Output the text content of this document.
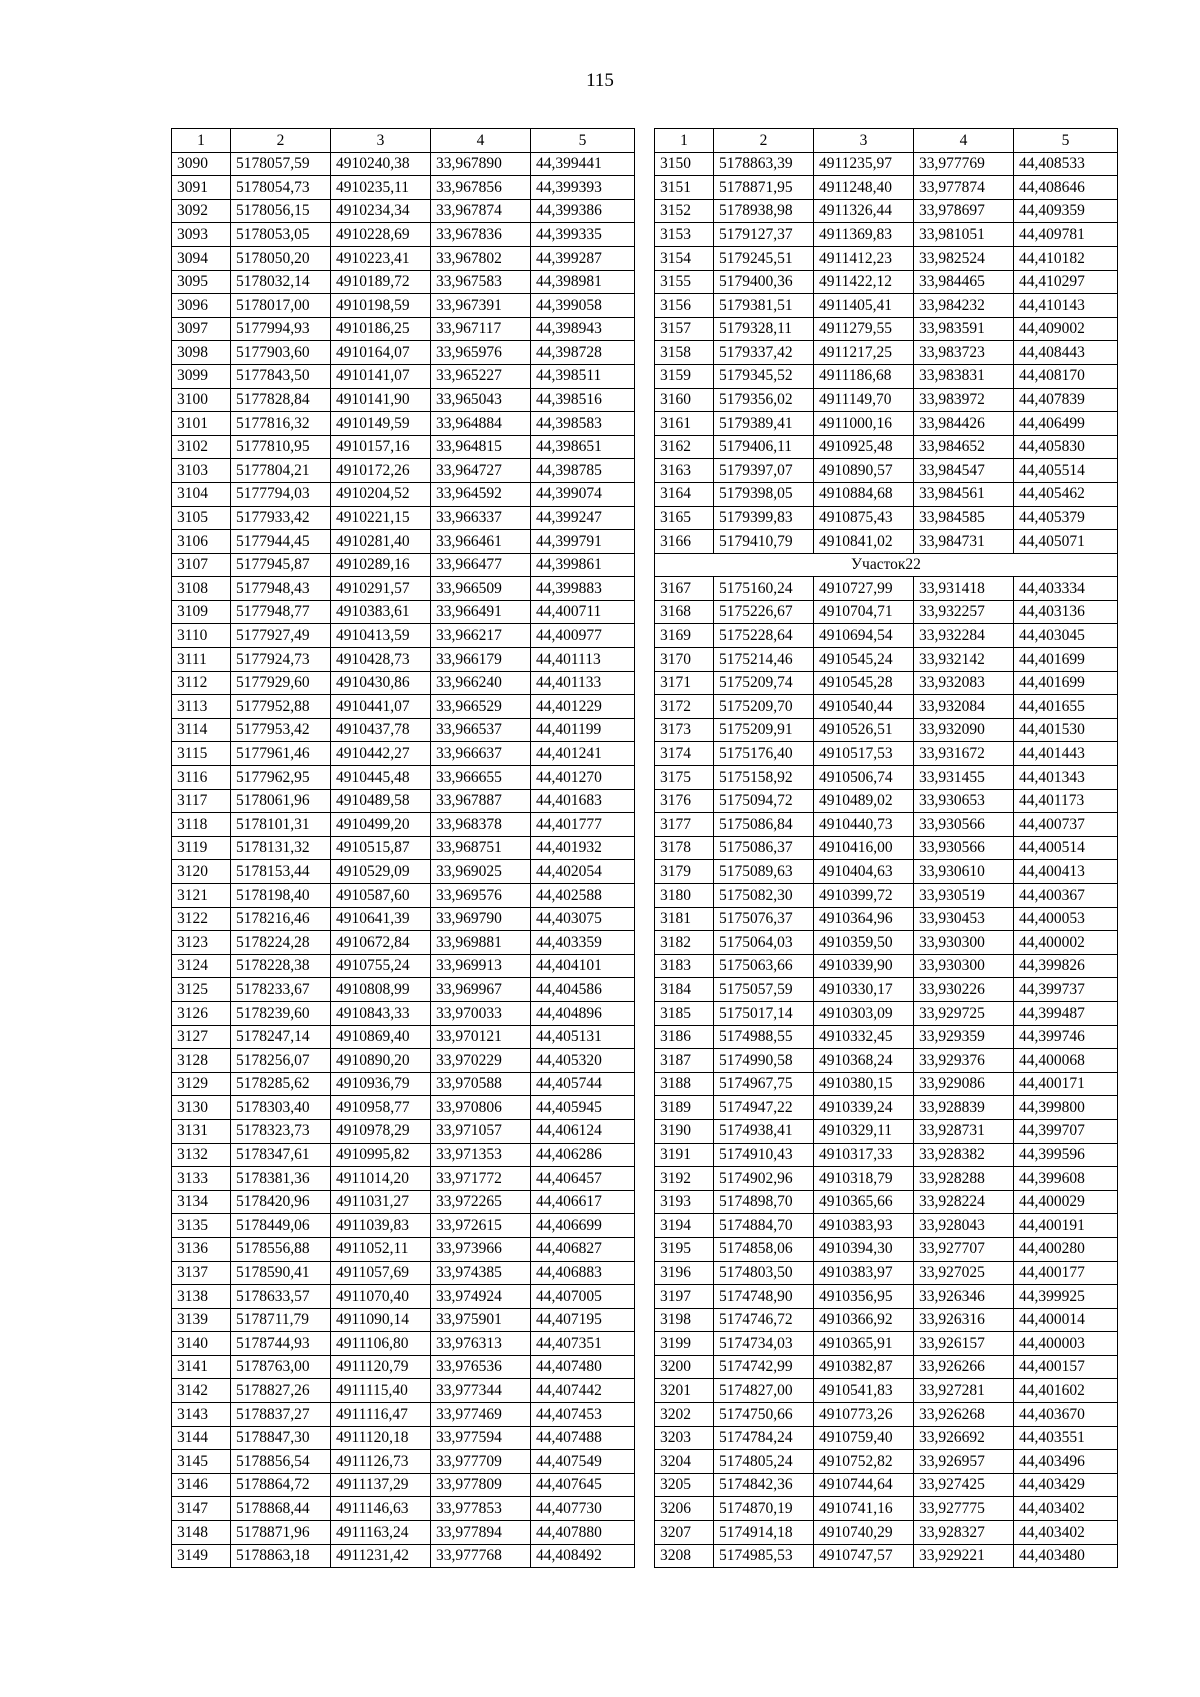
115
1	2	3	4	5
3090	5178057,59	4910240,38	33,967890	44,399441
3091	5178054,73	4910235,11	33,967856	44,399393
3092	5178056,15	4910234,34	33,967874	44,399386
3093	5178053,05	4910228,69	33,967836	44,399335
3094	5178050,20	4910223,41	33,967802	44,399287
3095	5178032,14	4910189,72	33,967583	44,398981
3096	5178017,00	4910198,59	33,967391	44,399058
3097	5177994,93	4910186,25	33,967117	44,398943
3098	5177903,60	4910164,07	33,965976	44,398728
3099	5177843,50	4910141,07	33,965227	44,398511
3100	5177828,84	4910141,90	33,965043	44,398516
3101	5177816,32	4910149,59	33,964884	44,398583
3102	5177810,95	4910157,16	33,964815	44,398651
3103	5177804,21	4910172,26	33,964727	44,398785
3104	5177794,03	4910204,52	33,964592	44,399074
3105	5177933,42	4910221,15	33,966337	44,399247
3106	5177944,45	4910281,40	33,966461	44,399791
3107	5177945,87	4910289,16	33,966477	44,399861
3108	5177948,43	4910291,57	33,966509	44,399883
3109	5177948,77	4910383,61	33,966491	44,400711
3110	5177927,49	4910413,59	33,966217	44,400977
3111	5177924,73	4910428,73	33,966179	44,401113
3112	5177929,60	4910430,86	33,966240	44,401133
3113	5177952,88	4910441,07	33,966529	44,401229
3114	5177953,42	4910437,78	33,966537	44,401199
3115	5177961,46	4910442,27	33,966637	44,401241
3116	5177962,95	4910445,48	33,966655	44,401270
3117	5178061,96	4910489,58	33,967887	44,401683
3118	5178101,31	4910499,20	33,968378	44,401777
3119	5178131,32	4910515,87	33,968751	44,401932
3120	5178153,44	4910529,09	33,969025	44,402054
3121	5178198,40	4910587,60	33,969576	44,402588
3122	5178216,46	4910641,39	33,969790	44,403075
3123	5178224,28	4910672,84	33,969881	44,403359
3124	5178228,38	4910755,24	33,969913	44,404101
3125	5178233,67	4910808,99	33,969967	44,404586
3126	5178239,60	4910843,33	33,970033	44,404896
3127	5178247,14	4910869,40	33,970121	44,405131
3128	5178256,07	4910890,20	33,970229	44,405320
3129	5178285,62	4910936,79	33,970588	44,405744
3130	5178303,40	4910958,77	33,970806	44,405945
3131	5178323,73	4910978,29	33,971057	44,406124
3132	5178347,61	4910995,82	33,971353	44,406286
3133	5178381,36	4911014,20	33,971772	44,406457
3134	5178420,96	4911031,27	33,972265	44,406617
3135	5178449,06	4911039,83	33,972615	44,406699
3136	5178556,88	4911052,11	33,973966	44,406827
3137	5178590,41	4911057,69	33,974385	44,406883
3138	5178633,57	4911070,40	33,974924	44,407005
3139	5178711,79	4911090,14	33,975901	44,407195
3140	5178744,93	4911106,80	33,976313	44,407351
3141	5178763,00	4911120,79	33,976536	44,407480
3142	5178827,26	4911115,40	33,977344	44,407442
3143	5178837,27	4911116,47	33,977469	44,407453
3144	5178847,30	4911120,18	33,977594	44,407488
3145	5178856,54	4911126,73	33,977709	44,407549
3146	5178864,72	4911137,29	33,977809	44,407645
3147	5178868,44	4911146,63	33,977853	44,407730
3148	5178871,96	4911163,24	33,977894	44,407880
3149	5178863,18	4911231,42	33,977768	44,408492
1	2	3	4	5
3150	5178863,39	4911235,97	33,977769	44,408533
3151	5178871,95	4911248,40	33,977874	44,408646
3152	5178938,98	4911326,44	33,978697	44,409359
3153	5179127,37	4911369,83	33,981051	44,409781
3154	5179245,51	4911412,23	33,982524	44,410182
3155	5179400,36	4911422,12	33,984465	44,410297
3156	5179381,51	4911405,41	33,984232	44,410143
3157	5179328,11	4911279,55	33,983591	44,409002
3158	5179337,42	4911217,25	33,983723	44,408443
3159	5179345,52	4911186,68	33,983831	44,408170
3160	5179356,02	4911149,70	33,983972	44,407839
3161	5179389,41	4911000,16	33,984426	44,406499
3162	5179406,11	4910925,48	33,984652	44,405830
3163	5179397,07	4910890,57	33,984547	44,405514
3164	5179398,05	4910884,68	33,984561	44,405462
3165	5179399,83	4910875,43	33,984585	44,405379
3166	5179410,79	4910841,02	33,984731	44,405071
Участок22				
3167	5175160,24	4910727,99	33,931418	44,403334
3168	5175226,67	4910704,71	33,932257	44,403136
3169	5175228,64	4910694,54	33,932284	44,403045
3170	5175214,46	4910545,24	33,932142	44,401699
3171	5175209,74	4910545,28	33,932083	44,401699
3172	5175209,70	4910540,44	33,932084	44,401655
3173	5175209,91	4910526,51	33,932090	44,401530
3174	5175176,40	4910517,53	33,931672	44,401443
3175	5175158,92	4910506,74	33,931455	44,401343
3176	5175094,72	4910489,02	33,930653	44,401173
3177	5175086,84	4910440,73	33,930566	44,400737
3178	5175086,37	4910416,00	33,930566	44,400514
3179	5175089,63	4910404,63	33,930610	44,400413
3180	5175082,30	4910399,72	33,930519	44,400367
3181	5175076,37	4910364,96	33,930453	44,400053
3182	5175064,03	4910359,50	33,930300	44,400002
3183	5175063,66	4910339,90	33,930300	44,399826
3184	5175057,59	4910330,17	33,930226	44,399737
3185	5175017,14	4910303,09	33,929725	44,399487
3186	5174988,55	4910332,45	33,929359	44,399746
3187	5174990,58	4910368,24	33,929376	44,400068
3188	5174967,75	4910380,15	33,929086	44,400171
3189	5174947,22	4910339,24	33,928839	44,399800
3190	5174938,41	4910329,11	33,928731	44,399707
3191	5174910,43	4910317,33	33,928382	44,399596
3192	5174902,96	4910318,79	33,928288	44,399608
3193	5174898,70	4910365,66	33,928224	44,400029
3194	5174884,70	4910383,93	33,928043	44,400191
3195	5174858,06	4910394,30	33,927707	44,400280
3196	5174803,50	4910383,97	33,927025	44,400177
3197	5174748,90	4910356,95	33,926346	44,399925
3198	5174746,72	4910366,92	33,926316	44,400014
3199	5174734,03	4910365,91	33,926157	44,400003
3200	5174742,99	4910382,87	33,926266	44,400157
3201	5174827,00	4910541,83	33,927281	44,401602
3202	5174750,66	4910773,26	33,926268	44,403670
3203	5174784,24	4910759,40	33,926692	44,403551
3204	5174805,24	4910752,82	33,926957	44,403496
3205	5174842,36	4910744,64	33,927425	44,403429
3206	5174870,19	4910741,16	33,927775	44,403402
3207	5174914,18	4910740,29	33,928327	44,403402
3208	5174985,53	4910747,57	33,929221	44,403480
